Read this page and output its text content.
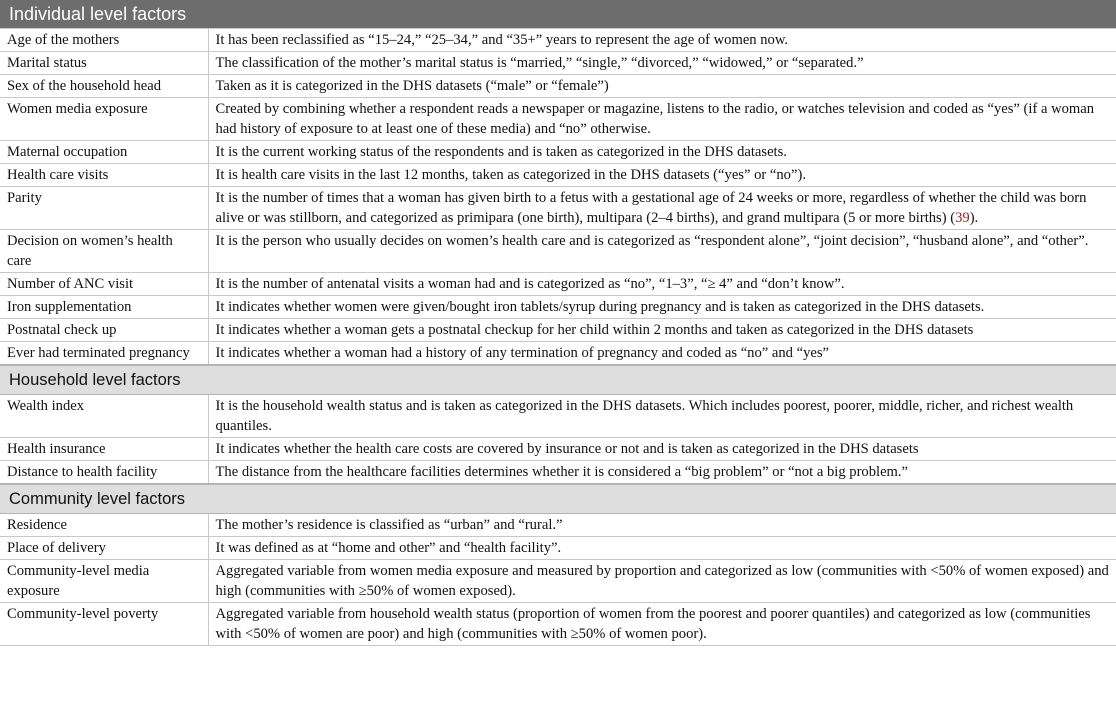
Individual level factors	
Age of the mothers	It has been reclassified as “15–24,” “25–34,” and “35+” years to represent the age of women now.
Marital status	The classification of the mother’s marital status is “married,” “single,” “divorced,” “widowed,” or “separated.”
Sex of the household head	Taken as it is categorized in the DHS datasets (“male” or “female”)
Women media exposure	Created by combining whether a respondent reads a newspaper or magazine, listens to the radio, or watches television and coded as “yes” (if a woman had history of exposure to at least one of these media) and “no” otherwise.
Maternal occupation	It is the current working status of the respondents and is taken as categorized in the DHS datasets.
Health care visits	It is health care visits in the last 12 months, taken as categorized in the DHS datasets (“yes” or “no”).
Parity	It is the number of times that a woman has given birth to a fetus with a gestational age of 24 weeks or more, regardless of whether the child was born alive or was stillborn, and categorized as primipara (one birth), multipara (2–4 births), and grand multipara (5 or more births) (39).
Decision on women’s health care	It is the person who usually decides on women’s health care and is categorized as “respondent alone”, “joint decision”, “husband alone”, and “other”.
Number of ANC visit	It is the number of antenatal visits a woman had and is categorized as “no”, “1–3”, “≥ 4” and “don’t know”.
Iron supplementation	It indicates whether women were given/bought iron tablets/syrup during pregnancy and is taken as categorized in the DHS datasets.
Postnatal check up	It indicates whether a woman gets a postnatal checkup for her child within 2 months and taken as categorized in the DHS datasets
Ever had terminated pregnancy	It indicates whether a woman had a history of any termination of pregnancy and coded as “no” and “yes”
Household level factors	
Wealth index	It is the household wealth status and is taken as categorized in the DHS datasets. Which includes poorest, poorer, middle, richer, and richest wealth quantiles.
Health insurance	It indicates whether the health care costs are covered by insurance or not and is taken as categorized in the DHS datasets
Distance to health facility	The distance from the healthcare facilities determines whether it is considered a “big problem” or “not a big problem.”
Community level factors	
Residence	The mother’s residence is classified as “urban” and “rural.”
Place of delivery	It was defined as at “home and other” and “health facility”.
Community-level media exposure	Aggregated variable from women media exposure and measured by proportion and categorized as low (communities with <50% of women exposed) and high (communities with ≥50% of women exposed).
Community-level poverty	Aggregated variable from household wealth status (proportion of women from the poorest and poorer quantiles) and categorized as low (communities with <50% of women are poor) and high (communities with ≥50% of women poor).
